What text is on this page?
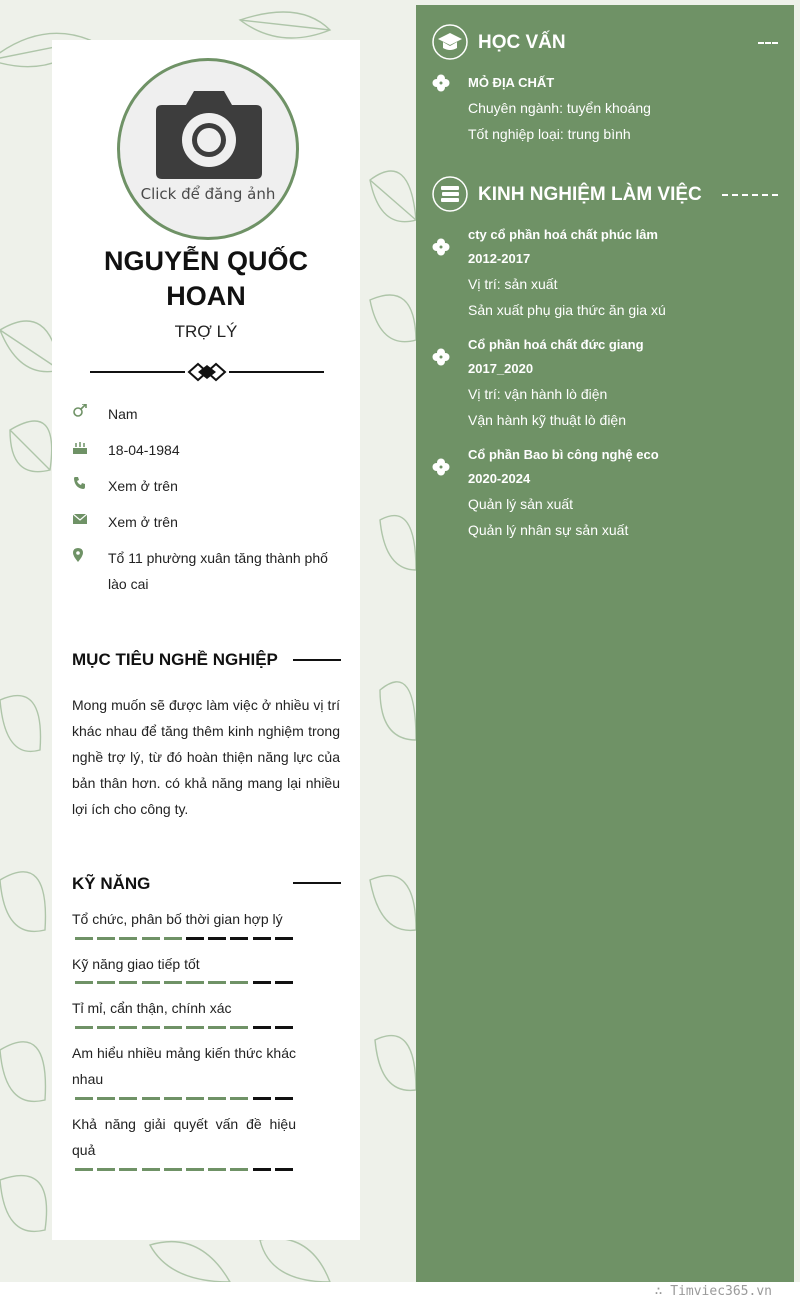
Click để đăng ảnh
NGUYỄN QUỐC HOAN
TRỢ LÝ
Nam
18-04-1984
Xem ở trên
Xem ở trên
Tổ 11 phường xuân tăng thành phố lào cai
MỤC TIÊU NGHỀ NGHIỆP
Mong muốn sẽ được làm việc ở nhiều vị trí khác nhau để tăng thêm kinh nghiệm trong nghề trợ lý, từ đó hoàn thiện năng lực của bản thân hơn. có khả năng mang lại nhiều lợi ích cho công ty.
KỸ NĂNG
Tổ chức, phân bố thời gian hợp lý
Kỹ năng giao tiếp tốt
Tỉ mỉ, cẩn thận, chính xác
Am hiểu nhiều mảng kiến thức khác nhau
Khả năng giải quyết vấn đề hiệu quả
HỌC VẤN
MỎ ĐỊA CHẤT
Chuyên ngành: tuyển khoáng
Tốt nghiệp loại: trung bình
KINH NGHIỆM LÀM VIỆC
cty cổ phần hoá chất phúc lâm
2012-2017
Vị trí: sản xuất
Sản xuất phụ gia thức ăn gia xú
Cổ phần hoá chất đức giang
2017_2020
Vị trí: vận hành lò điện
Vận hành kỹ thuật lò điện
Cổ phần Bao bì công nghệ eco
2020-2024
Quản lý sản xuất
Quản lý nhân sự sản xuất
∴ Timviec365.vn
